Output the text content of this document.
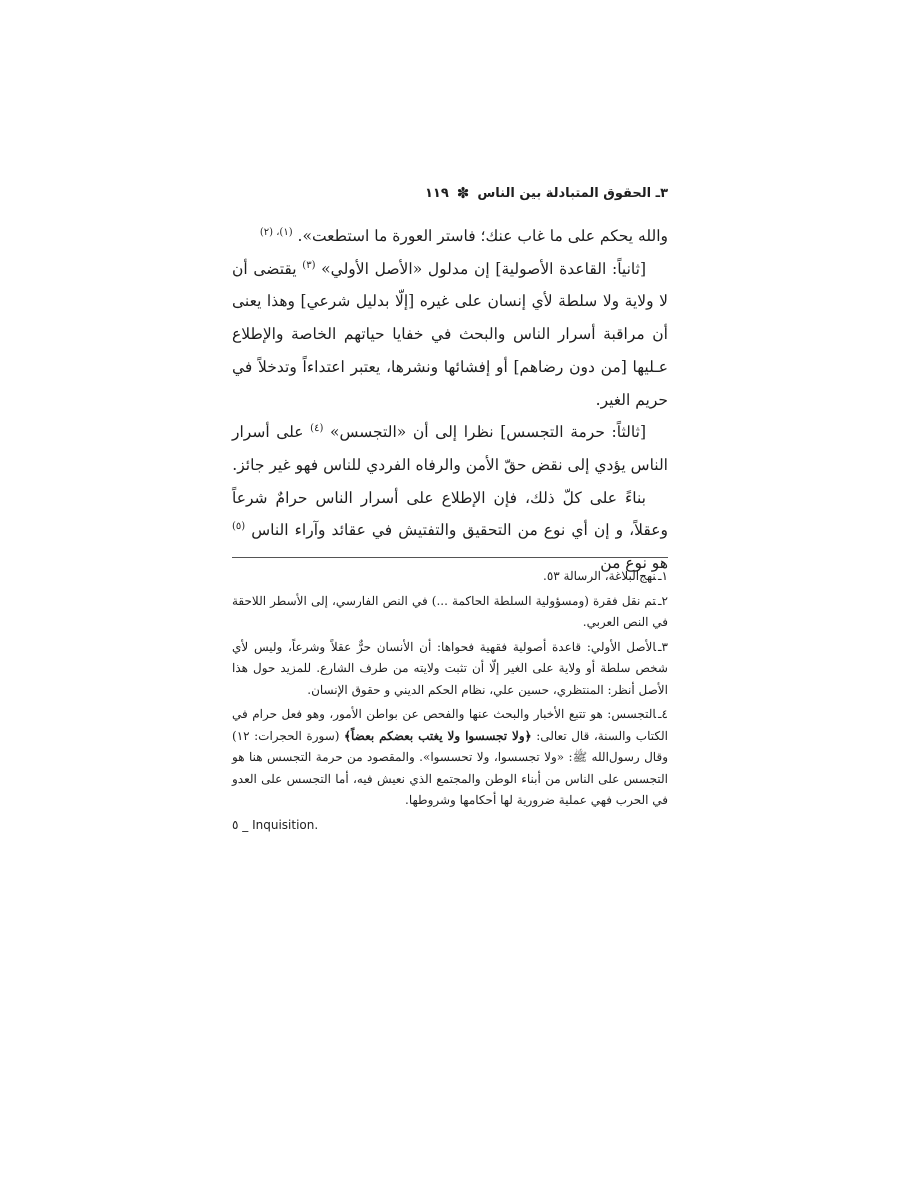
٣ـ الحقوق المتبادلة بين الناس
✽
١١٩

والله يحكم على ما غاب عنك؛ فاستر العورة ما استطعت». $^{(١)، (٢)}$

[ثانياً: القاعدة الأصولية] إن مدلول «الأصل الأولي» $^{(٣)}$ يقتضى أن لا ولاية ولا سلطة لأي إنسان على غيره [إلّا بدليل شرعي] وهذا يعنى أن مراقبة أسرار الناس والبحث في خفايا حياتهم الخاصة والإطلاع عـليها [من دون رضاهم] أو إفشائها ونشرها، يعتبر اعتداءاً وتدخلاً في حريم الغير.

[ثالثاً: حرمة التجسس] نظرا إلى أن «التجسس» $^{(٤)}$ على أسرار الناس يؤدي إلى نقض حقّ الأمن والرفاه الفردي للناس فهو غير جائز.

بناءً على كلّ ذلك، فإن الإطلاع على أسرار الناس حرامٌ شرعاً وعقلاً، و إن أي نوع من التحقيق والتفتيش في عقائد وآراء الناس $^{(٥)}$ هو نوع من

١ـنهج‌البلاغة، الرسالة ٥٣.

٢ـتم نقل فقرة (ومسؤولية السلطة الحاكمة ...) في النص الفارسي، إلى الأسطر اللاحقة في النص العربي.

٣ـالأصل الأولي: قاعدة أصولية فقهية فحواها: أن الأنسان حرٌّ عقلاً وشرعاً، وليس لأي شخص سلطة أو ولاية على الغير إلّا أن تثبت ولايته من طرف الشارع. للمزيد حول هذا الأصل أنظر: المنتظري، حسين علي، نظام الحكم الديني و حقوق الإنسان.

٤ـالتجسس: هو تتبع الأخبار والبحث عنها والفحص عن بواطن الأمور، وهو فعل حرام في الكتاب والسنة، قال تعالى: ﴿ولا تجسسوا ولا يغتب بعضكم بعضاً﴾ (سورة الحجرات: ١٢) وقال رسول‌الله ﷺ: «ولا تجسسوا، ولا تحسسوا». والمقصود من حرمة التجسس هنا هو التجسس على الناس من أبناء الوطن والمجتمع الذي نعيش فيه، أما التجسس على العدو في الحرب فهي عملية ضرورية لها أحكامها وشروطها.

٥ _ Inquisition.
